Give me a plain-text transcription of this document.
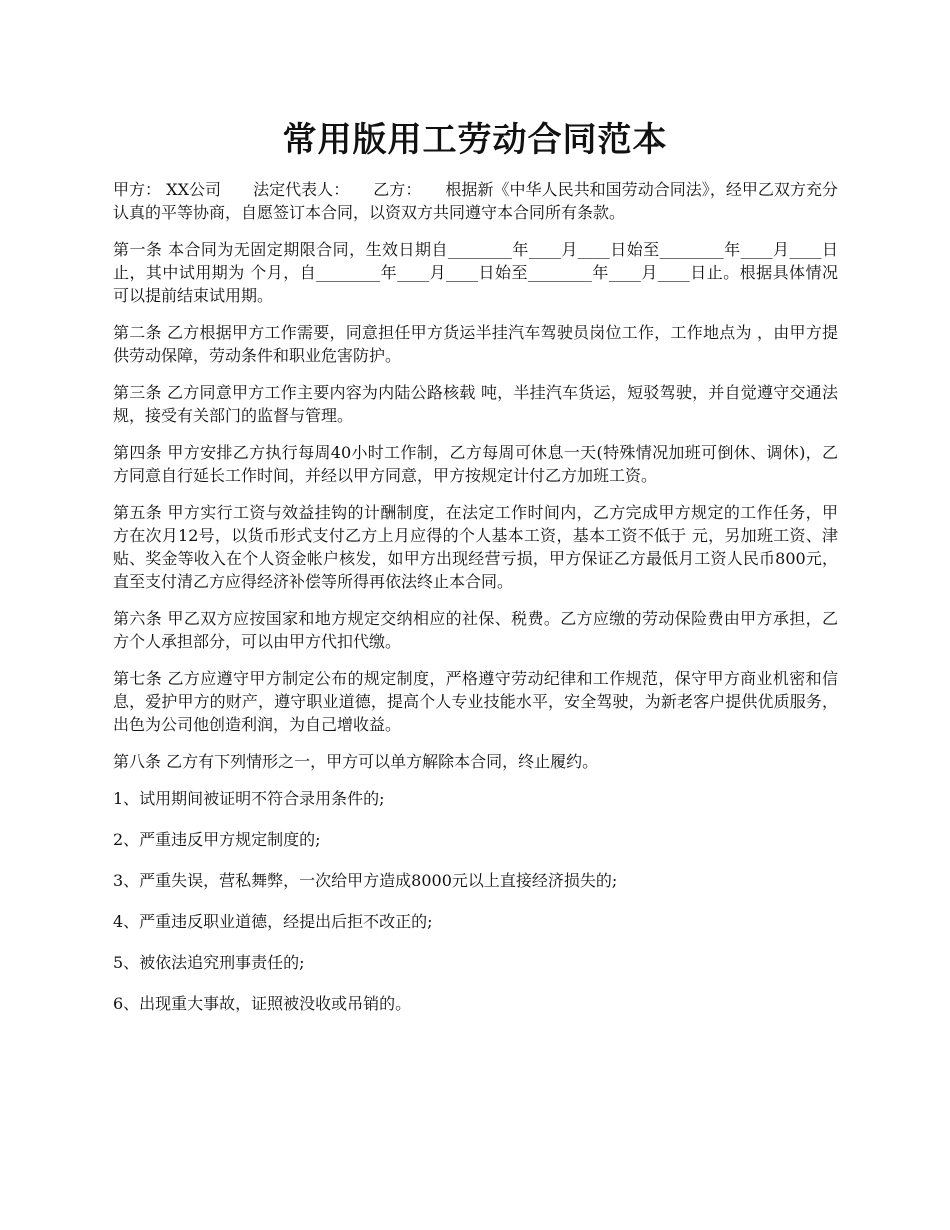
常用版用工劳动合同范本

甲方： XX公司　　法定代表人：　　乙方：　　根据新《中华人民共和国劳动合同法》，经甲乙双方充分认真的平等协商，自愿签订本合同，以资双方共同遵守本合同所有条款。

第一条 本合同为无固定期限合同，生效日期自________年____月____日始至________年____月____日止，其中试用期为 个月，自________年____月____日始至________年____月____日止。根据具体情况可以提前结束试用期。

第二条 乙方根据甲方工作需要，同意担任甲方货运半挂汽车驾驶员岗位工作，工作地点为 ，由甲方提供劳动保障，劳动条件和职业危害防护。

第三条 乙方同意甲方工作主要内容为内陆公路核载 吨，半挂汽车货运，短驳驾驶，并自觉遵守交通法规，接受有关部门的监督与管理。

第四条 甲方安排乙方执行每周40小时工作制，乙方每周可休息一天(特殊情况加班可倒休、调休)，乙方同意自行延长工作时间，并经以甲方同意，甲方按规定计付乙方加班工资。

第五条 甲方实行工资与效益挂钩的计酬制度，在法定工作时间内，乙方完成甲方规定的工作任务，甲方在次月12号，以货币形式支付乙方上月应得的个人基本工资，基本工资不低于 元，另加班工资、津贴、奖金等收入在个人资金帐户核发，如甲方出现经营亏损，甲方保证乙方最低月工资人民币800元，直至支付清乙方应得经济补偿等所得再依法终止本合同。

第六条 甲乙双方应按国家和地方规定交纳相应的社保、税费。乙方应缴的劳动保险费由甲方承担，乙方个人承担部分，可以由甲方代扣代缴。

第七条 乙方应遵守甲方制定公布的规定制度，严格遵守劳动纪律和工作规范，保守甲方商业机密和信息，爱护甲方的财产，遵守职业道德，提高个人专业技能水平，安全驾驶，为新老客户提供优质服务，出色为公司他创造利润，为自己增收益。

第八条 乙方有下列情形之一，甲方可以单方解除本合同，终止履约。

1、试用期间被证明不符合录用条件的;

2、严重违反甲方规定制度的;

3、严重失误，营私舞弊，一次给甲方造成8000元以上直接经济损失的;

4、严重违反职业道德，经提出后拒不改正的;

5、被依法追究刑事责任的;

6、出现重大事故，证照被没收或吊销的。
